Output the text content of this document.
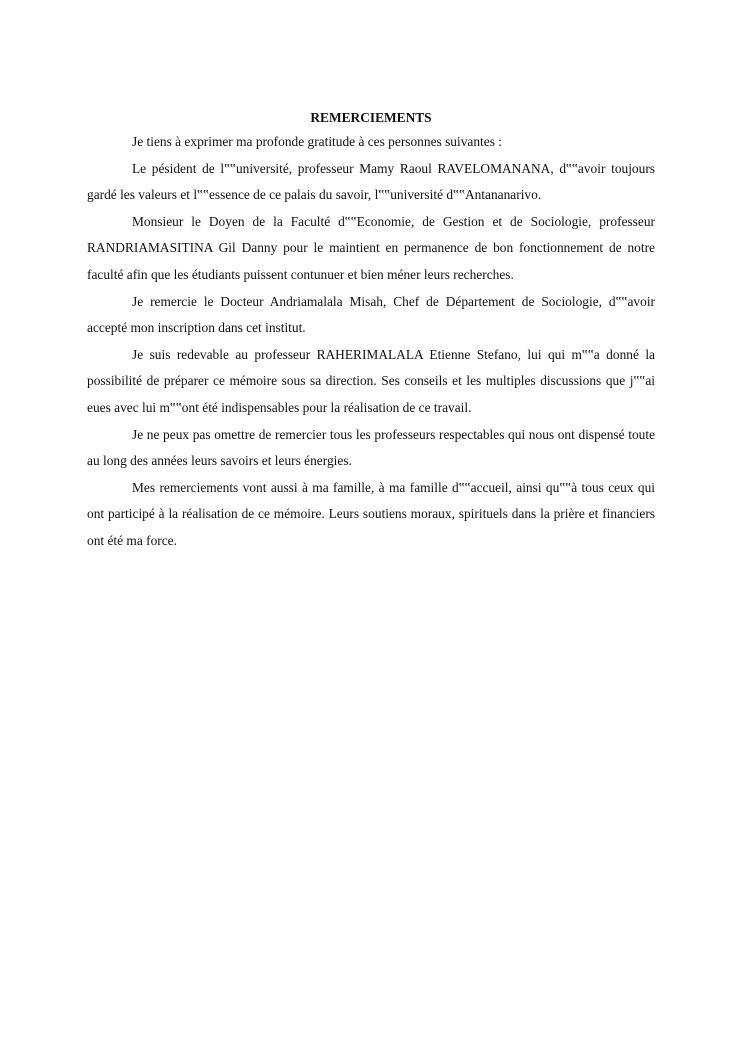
REMERCIEMENTS

Je tiens à exprimer ma profonde gratitude à ces personnes suivantes :

Le pésident de l‟‟université, professeur Mamy Raoul RAVELOMANANA, d‟‟avoir toujours gardé les valeurs et l‟‟essence de ce palais du savoir, l‟‟université d‟‟Antananarivo.

Monsieur le Doyen de la Faculté d‟‟Economie, de Gestion et de Sociologie, professeur RANDRIAMASITINA Gil Danny pour le maintient en permanence de bon fonctionnement de notre faculté afin que les étudiants puissent contunuer et bien méner leurs recherches.

Je remercie le Docteur Andriamalala Misah, Chef de Département de Sociologie, d‟‟avoir accepté mon inscription dans cet institut.

Je suis redevable au professeur RAHERIMALALA Etienne Stefano, lui qui m‟‟a donné la possibilité de préparer ce mémoire sous sa direction. Ses conseils et les multiples discussions que j‟‟ai eues avec lui m‟‟ont été indispensables pour la réalisation de ce travail.

Je ne peux pas omettre de remercier tous les professeurs respectables qui nous ont dispensé toute au long des années leurs savoirs et leurs énergies.

Mes remerciements vont aussi à ma famille, à ma famille d‟‟accueil, ainsi qu‟‟à tous ceux qui ont participé à la réalisation de ce mémoire. Leurs soutiens moraux, spirituels dans la prière et financiers ont été ma force.
